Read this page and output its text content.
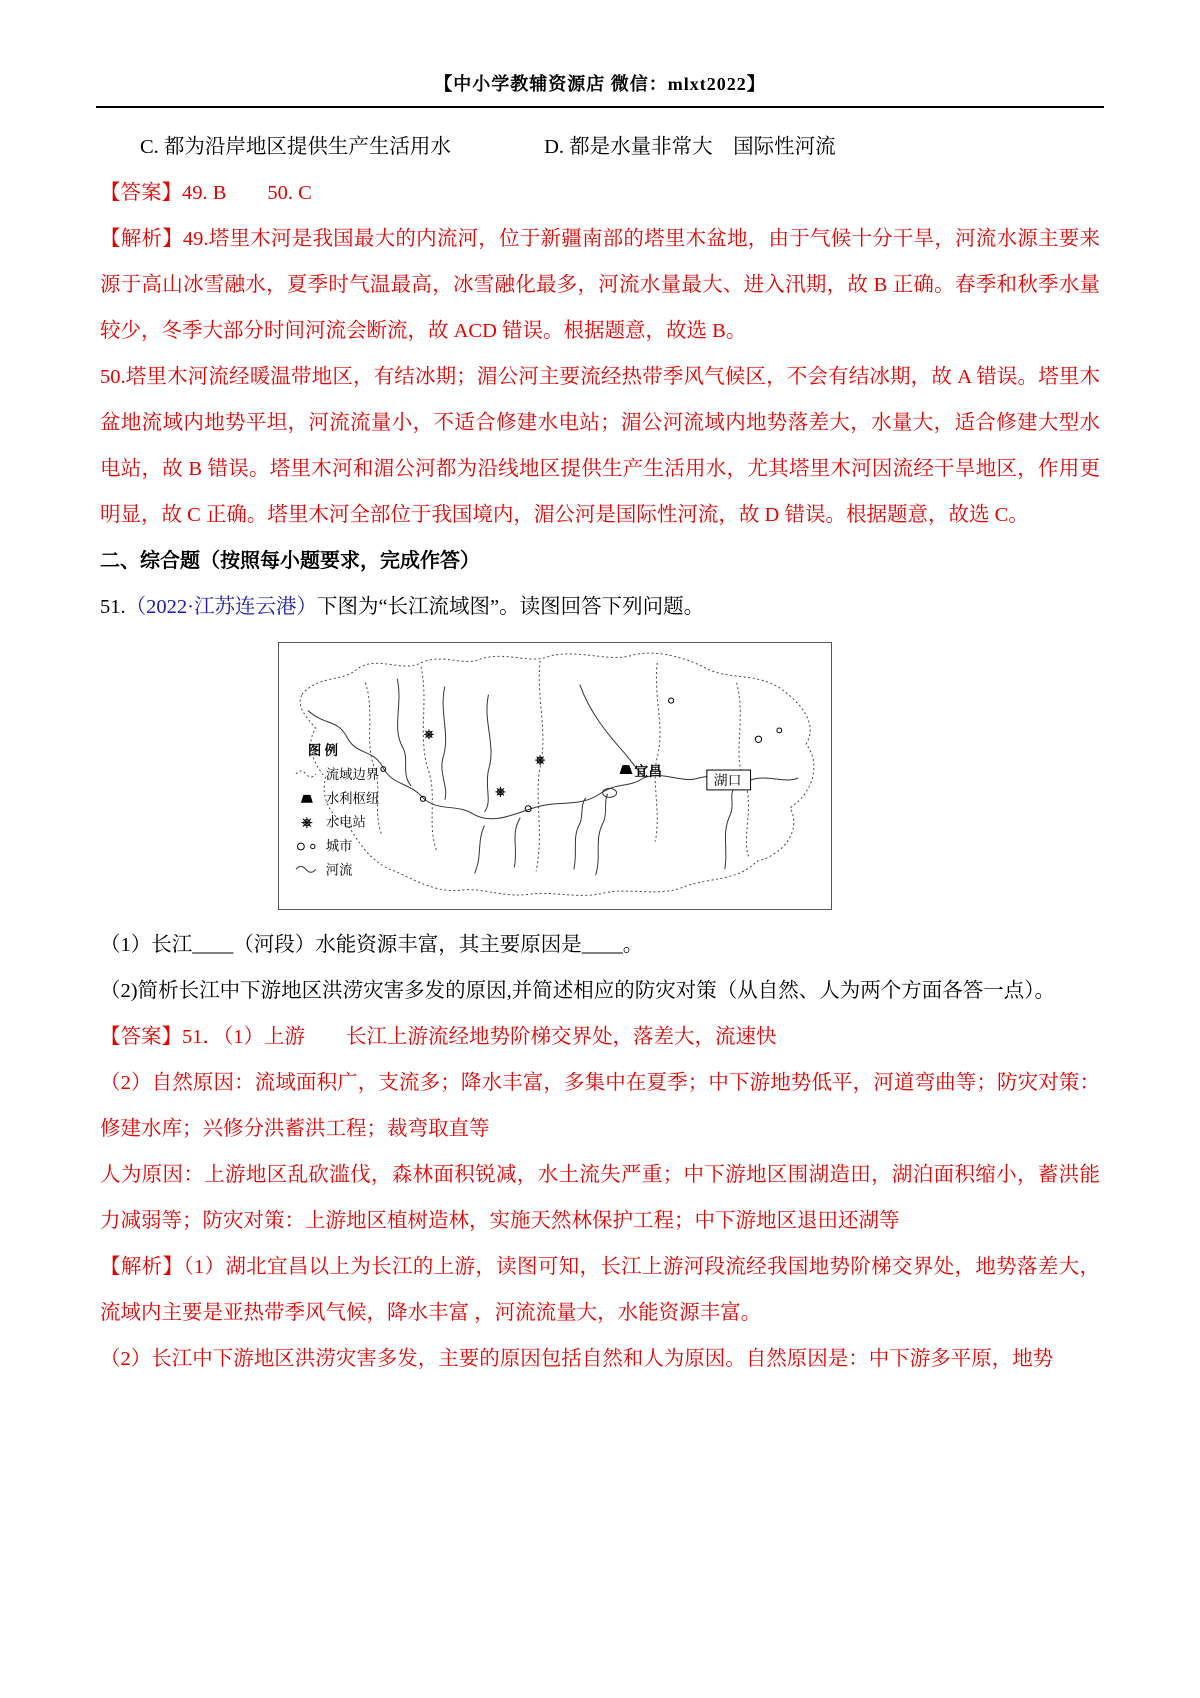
【中小学教辅资源店 微信：mlxt2022】

C. 都为沿岸地区提供生产生活用水	D. 都是水量非常大　国际性河流

【答案】49. B　　50. C

【解析】49.塔里木河是我国最大的内流河，位于新疆南部的塔里木盆地，由于气候十分干旱，河流水源主要来源于高山冰雪融水，夏季时气温最高，冰雪融化最多，河流水量最大、进入汛期，故 B 正确。春季和秋季水量较少，冬季大部分时间河流会断流，故 ACD 错误。根据题意，故选 B。

50.塔里木河流经暖温带地区，有结冰期；湄公河主要流经热带季风气候区，不会有结冰期，故 A 错误。塔里木盆地流域内地势平坦，河流流量小，不适合修建水电站；湄公河流域内地势落差大，水量大，适合修建大型水电站，故 B 错误。塔里木河和湄公河都为沿线地区提供生产生活用水，尤其塔里木河因流经干旱地区，作用更明显，故 C 正确。塔里木河全部位于我国境内，湄公河是国际性河流，故 D 错误。根据题意，故选 C。

二、综合题（按照每小题要求，完成作答）

51.（2022·江苏连云港）下图为“长江流域图”。读图回答下列问题。

宜昌
湖口
图 例
流域边界
水利枢纽
水电站
城市
河流

（1）长江____（河段）水能资源丰富，其主要原因是____。

（2)简析长江中下游地区洪涝灾害多发的原因,并简述相应的防灾对策（从自然、人为两个方面各答一点）。

【答案】51．（1）上游　　长江上游流经地势阶梯交界处，落差大，流速快

（2）自然原因：流域面积广，支流多；降水丰富，多集中在夏季；中下游地势低平，河道弯曲等；防灾对策：修建水库；兴修分洪蓄洪工程；裁弯取直等

人为原因：上游地区乱砍滥伐，森林面积锐减，水土流失严重；中下游地区围湖造田，湖泊面积缩小，蓄洪能力减弱等；防灾对策：上游地区植树造林，实施天然林保护工程；中下游地区退田还湖等

【解析】（1）湖北宜昌以上为长江的上游，读图可知，长江上游河段流经我国地势阶梯交界处，地势落差大，流域内主要是亚热带季风气候，降水丰富 ，河流流量大，水能资源丰富。

（2）长江中下游地区洪涝灾害多发，主要的原因包括自然和人为原因。自然原因是：中下游多平原，地势
